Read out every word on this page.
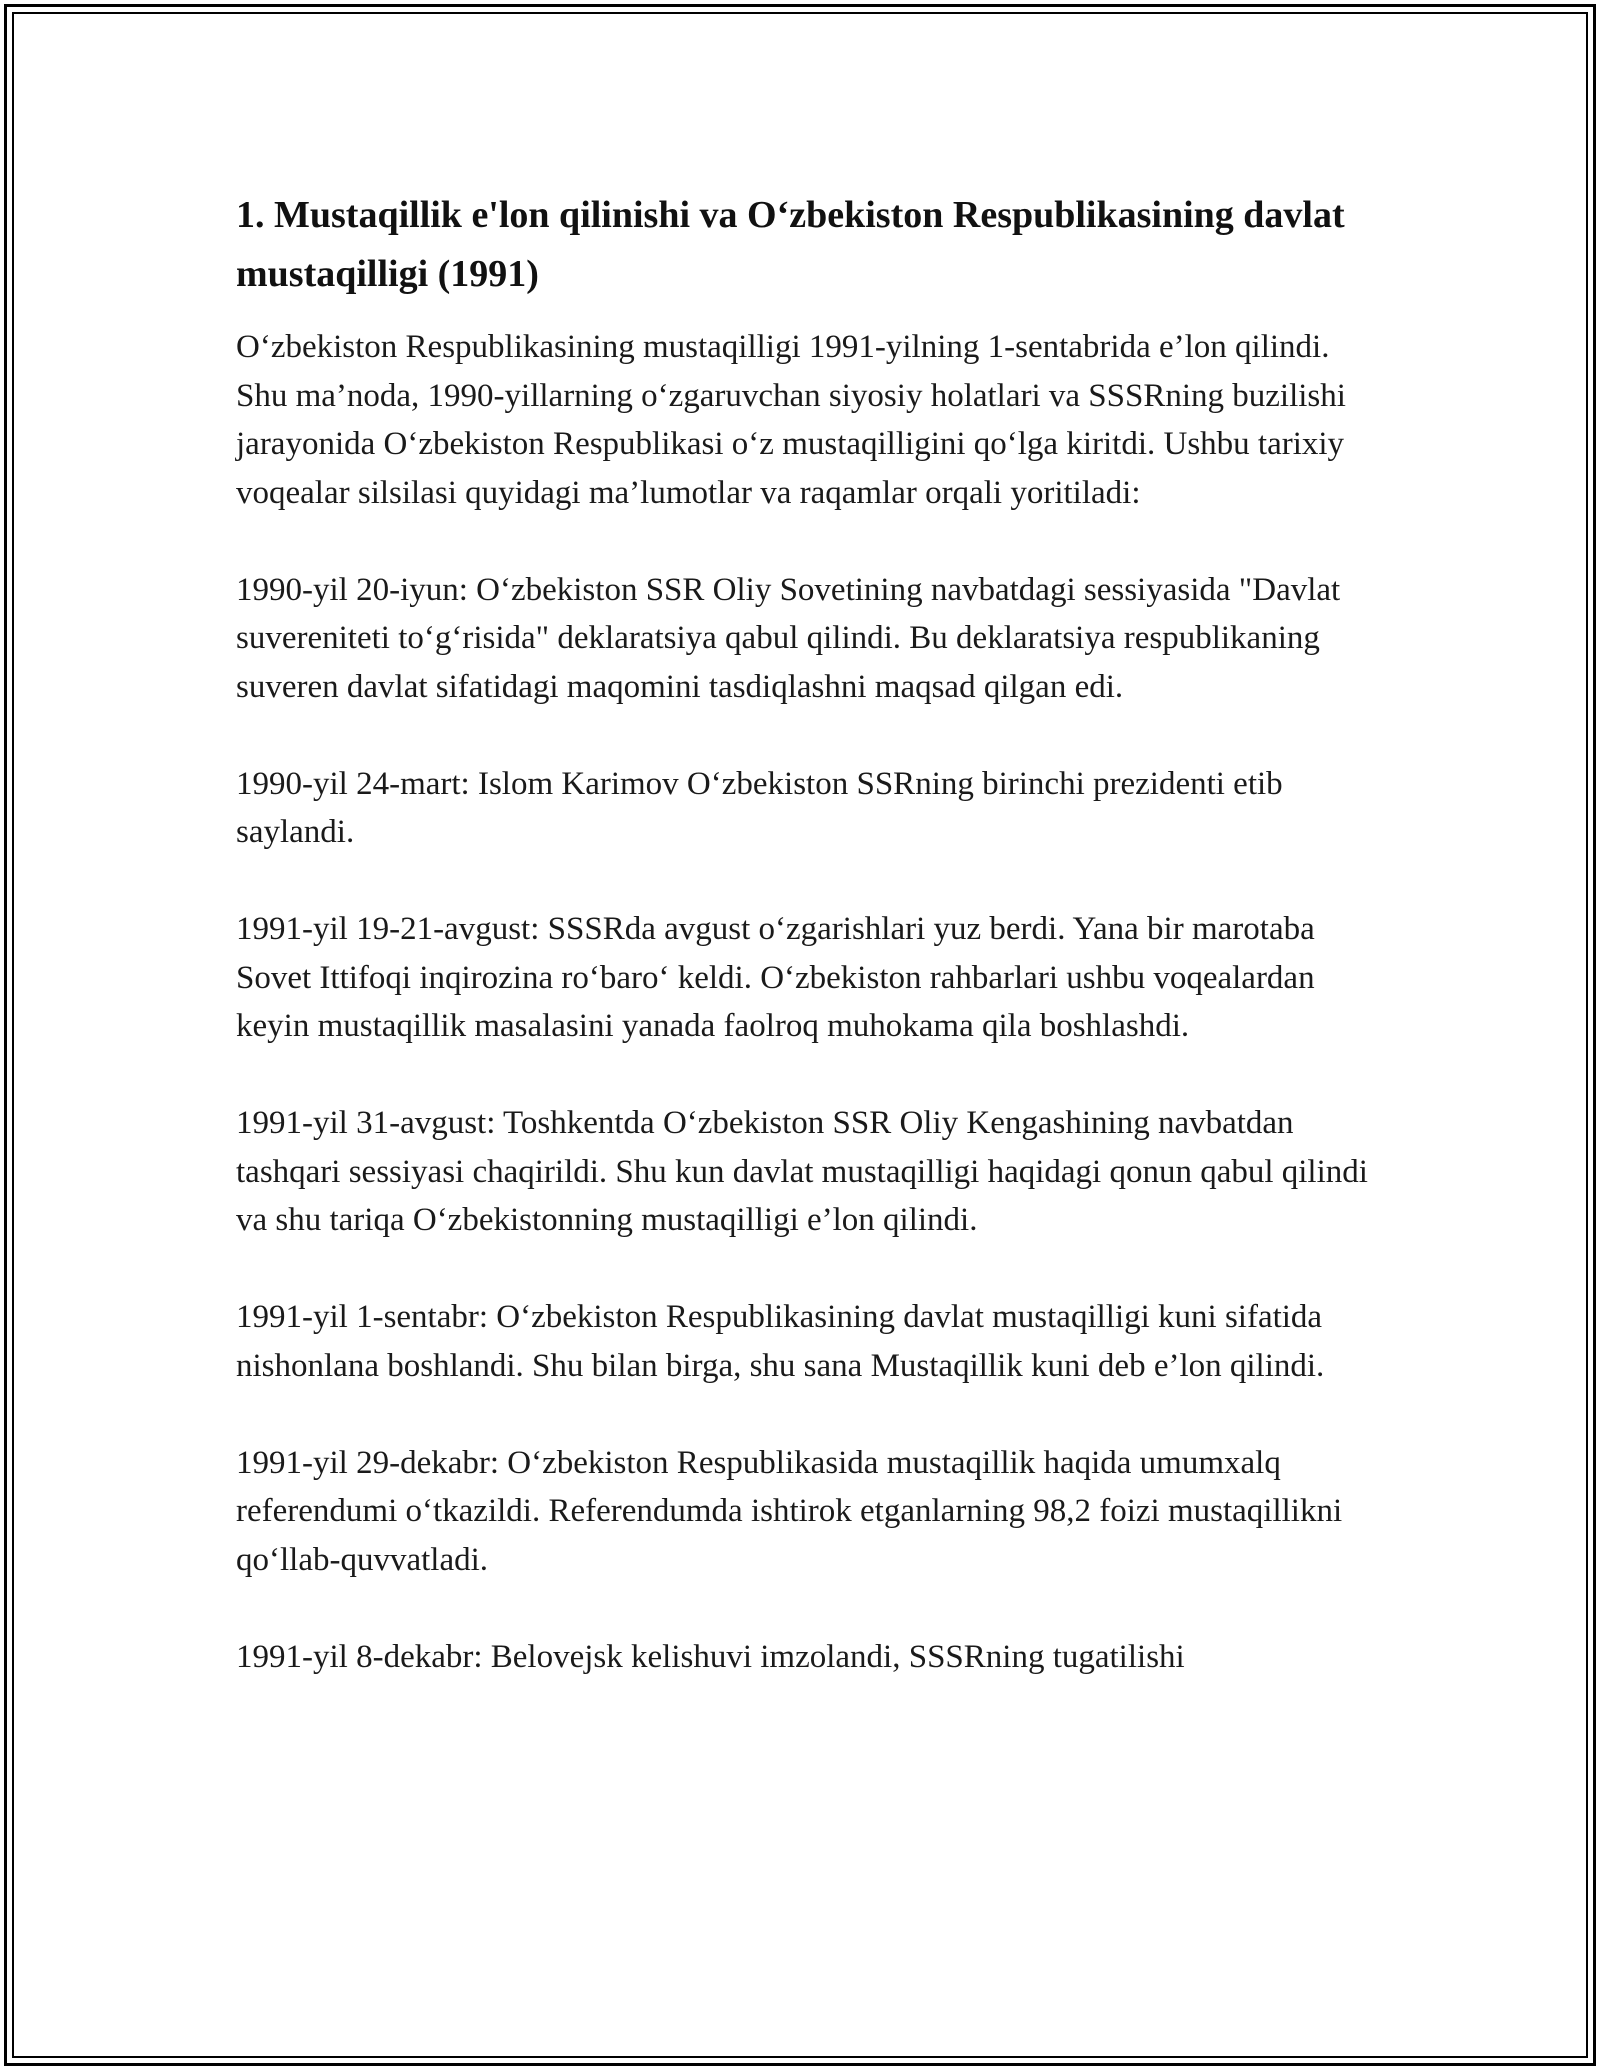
1. Mustaqillik e'lon qilinishi va O‘zbekiston Respublikasining davlat mustaqilligi (1991)

O‘zbekiston Respublikasining mustaqilligi 1991-yilning 1-sentabrida e’lon qilindi. Shu ma’noda, 1990-yillarning o‘zgaruvchan siyosiy holatlari va SSSRning buzilishi jarayonida O‘zbekiston Respublikasi o‘z mustaqilligini qo‘lga kiritdi. Ushbu tarixiy voqealar silsilasi quyidagi ma’lumotlar va raqamlar orqali yoritiladi:

1990-yil 20-iyun: O‘zbekiston SSR Oliy Sovetining navbatdagi sessiyasida "Davlat suvereniteti to‘g‘risida" deklaratsiya qabul qilindi. Bu deklaratsiya respublikaning suveren davlat sifatidagi maqomini tasdiqlashni maqsad qilgan edi.

1990-yil 24-mart: Islom Karimov O‘zbekiston SSRning birinchi prezidenti etib saylandi.

1991-yil 19-21-avgust: SSSRda avgust o‘zgarishlari yuz berdi. Yana bir marotaba Sovet Ittifoqi inqirozina ro‘baro‘ keldi. O‘zbekiston rahbarlari ushbu voqealardan keyin mustaqillik masalasini yanada faolroq muhokama qila boshlashdi.

1991-yil 31-avgust: Toshkentda O‘zbekiston SSR Oliy Kengashining navbatdan tashqari sessiyasi chaqirildi. Shu kun davlat mustaqilligi haqidagi qonun qabul qilindi va shu tariqa O‘zbekistonning mustaqilligi e’lon qilindi.

1991-yil 1-sentabr: O‘zbekiston Respublikasining davlat mustaqilligi kuni sifatida nishonlana boshlandi. Shu bilan birga, shu sana Mustaqillik kuni deb e’lon qilindi.

1991-yil 29-dekabr: O‘zbekiston Respublikasida mustaqillik haqida umumxalq referendumi o‘tkazildi. Referendumda ishtirok etganlarning 98,2 foizi mustaqillikni qo‘llab-quvvatladi.

1991-yil 8-dekabr: Belovejsk kelishuvi imzolandi, SSSRning tugatilishi
